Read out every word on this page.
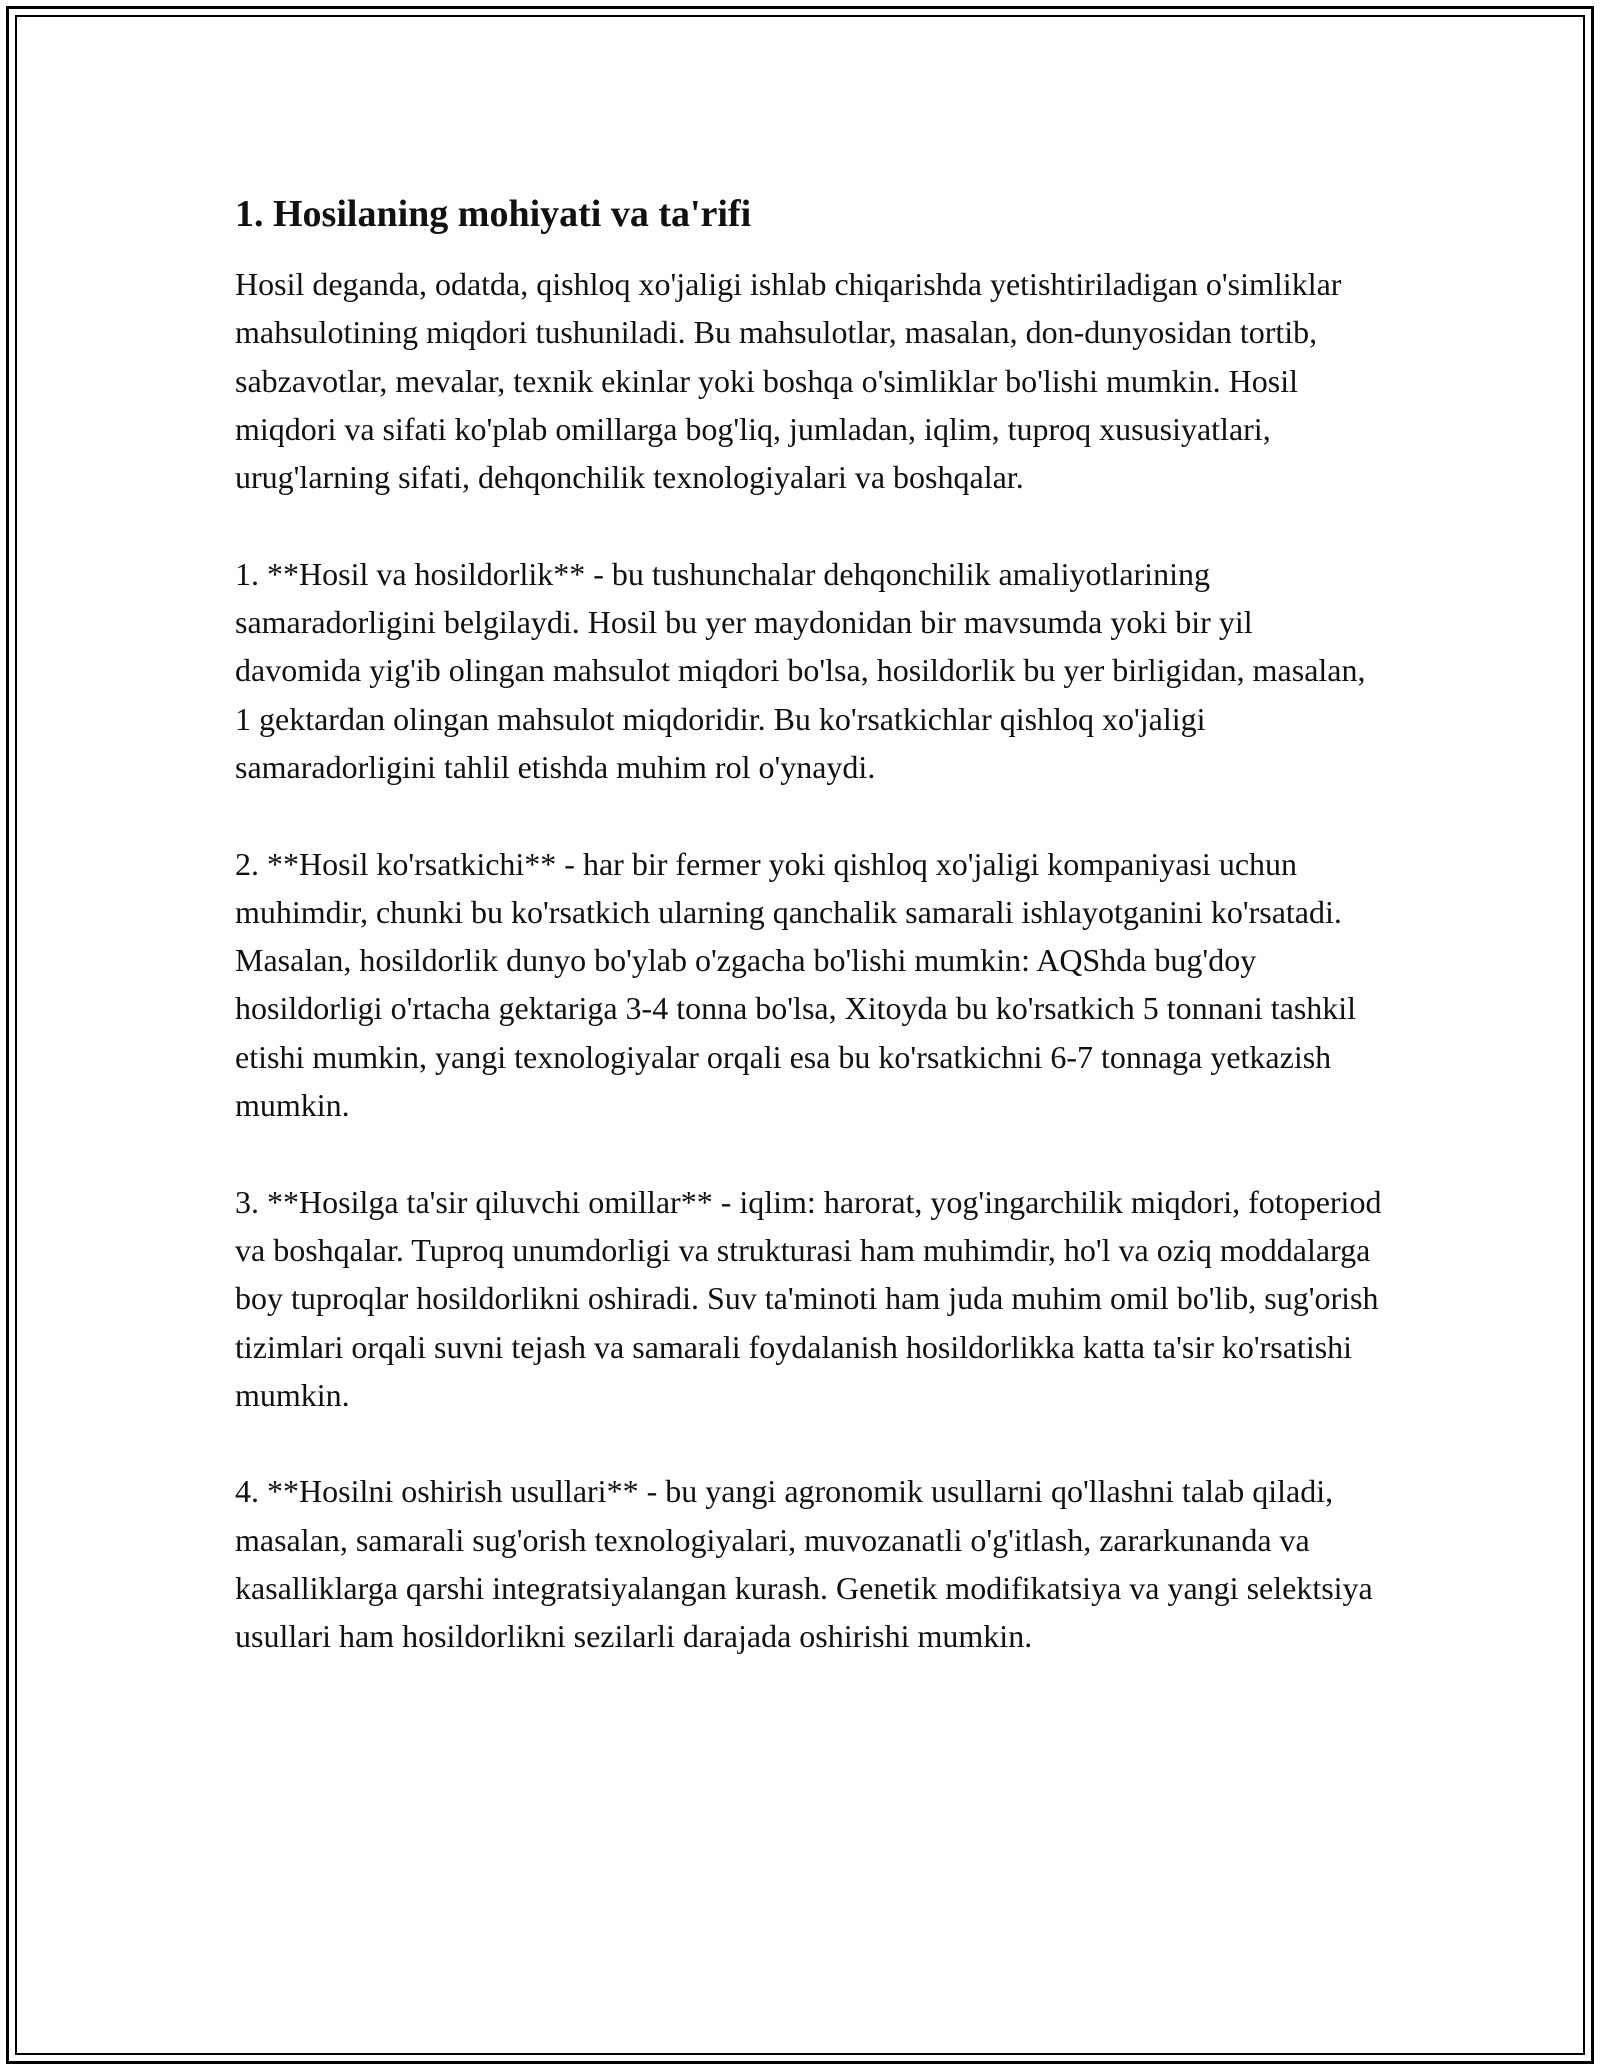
1. Hosilaning mohiyati va ta'rifi

Hosil deganda, odatda, qishloq xo'jaligi ishlab chiqarishda yetishtiriladigan o'simliklar mahsulotining miqdori tushuniladi. Bu mahsulotlar, masalan, don-dunyosidan tortib, sabzavotlar, mevalar, texnik ekinlar yoki boshqa o'simliklar bo'lishi mumkin. Hosil miqdori va sifati ko'plab omillarga bog'liq, jumladan, iqlim, tuproq xususiyatlari, urug'larning sifati, dehqonchilik texnologiyalari va boshqalar.

1. **Hosil va hosildorlik** - bu tushunchalar dehqonchilik amaliyotlarining samaradorligini belgilaydi. Hosil bu yer maydonidan bir mavsumda yoki bir yil davomida yig'ib olingan mahsulot miqdori bo'lsa, hosildorlik bu yer birligidan, masalan, 1 gektardan olingan mahsulot miqdoridir. Bu ko'rsatkichlar qishloq xo'jaligi samaradorligini tahlil etishda muhim rol o'ynaydi.

2. **Hosil ko'rsatkichi** - har bir fermer yoki qishloq xo'jaligi kompaniyasi uchun muhimdir, chunki bu ko'rsatkich ularning qanchalik samarali ishlayotganini ko'rsatadi. Masalan, hosildorlik dunyo bo'ylab o'zgacha bo'lishi mumkin: AQShda bug'doy hosildorligi o'rtacha gektariga 3-4 tonna bo'lsa, Xitoyda bu ko'rsatkich 5 tonnani tashkil etishi mumkin, yangi texnologiyalar orqali esa bu ko'rsatkichni 6-7 tonnaga yetkazish mumkin.

3. **Hosilga ta'sir qiluvchi omillar** - iqlim: harorat, yog'ingarchilik miqdori, fotoperiod va boshqalar. Tuproq unumdorligi va strukturasi ham muhimdir, ho'l va oziq moddalarga boy tuproqlar hosildorlikni oshiradi. Suv ta'minoti ham juda muhim omil bo'lib, sug'orish tizimlari orqali suvni tejash va samarali foydalanish hosildorlikka katta ta'sir ko'rsatishi mumkin.

4. **Hosilni oshirish usullari** - bu yangi agronomik usullarni qo'llashni talab qiladi, masalan, samarali sug'orish texnologiyalari, muvozanatli o'g'itlash, zararkunanda va kasalliklarga qarshi integratsiyalangan kurash. Genetik modifikatsiya va yangi selektsiya usullari ham hosildorlikni sezilarli darajada oshirishi mumkin.
